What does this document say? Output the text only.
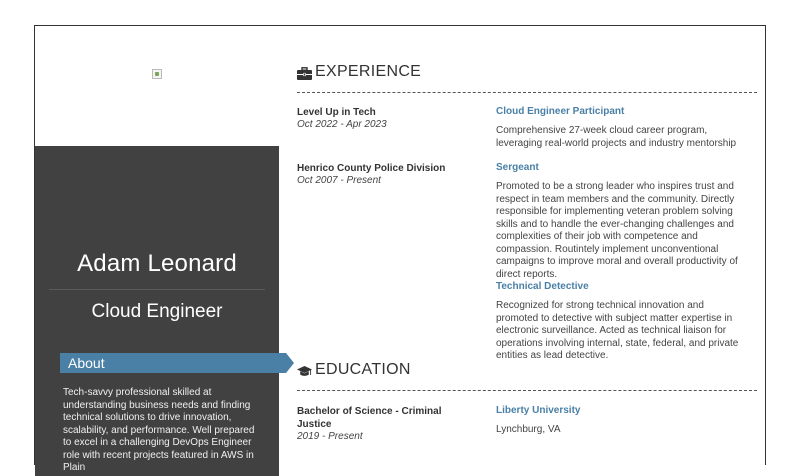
Adam Leonard
Cloud Engineer
About
Tech-savvy professional skilled at understanding business needs and finding technical solutions to drive innovation, scalability, and performance. Well prepared to excel in a challenging DevOps Engineer role with recent projects featured in AWS in Plain
EXPERIENCE
Level Up in Tech
Oct 2022 - Apr 2023
Cloud Engineer Participant
Comprehensive 27-week cloud career program, leveraging real-world projects and industry mentorship
Henrico County Police Division
Oct 2007 - Present
Sergeant
Promoted to be a strong leader who inspires trust and respect in team members and the community. Directly responsible for implementing veteran problem solving skills and to handle the ever-changing challenges and complexities of their job with competence and compassion. Routintely implement unconventional campaigns to improve moral and overall productivity of direct reports.
Technical Detective
Recognized for strong technical innovation and promoted to detective with subject matter expertise in electronic surveillance. Acted as technical liaison for operations involving internal, state, federal, and private entities as lead detective.
EDUCATION
Bachelor of Science - Criminal Justice
2019 - Present
Liberty University
Lynchburg, VA
